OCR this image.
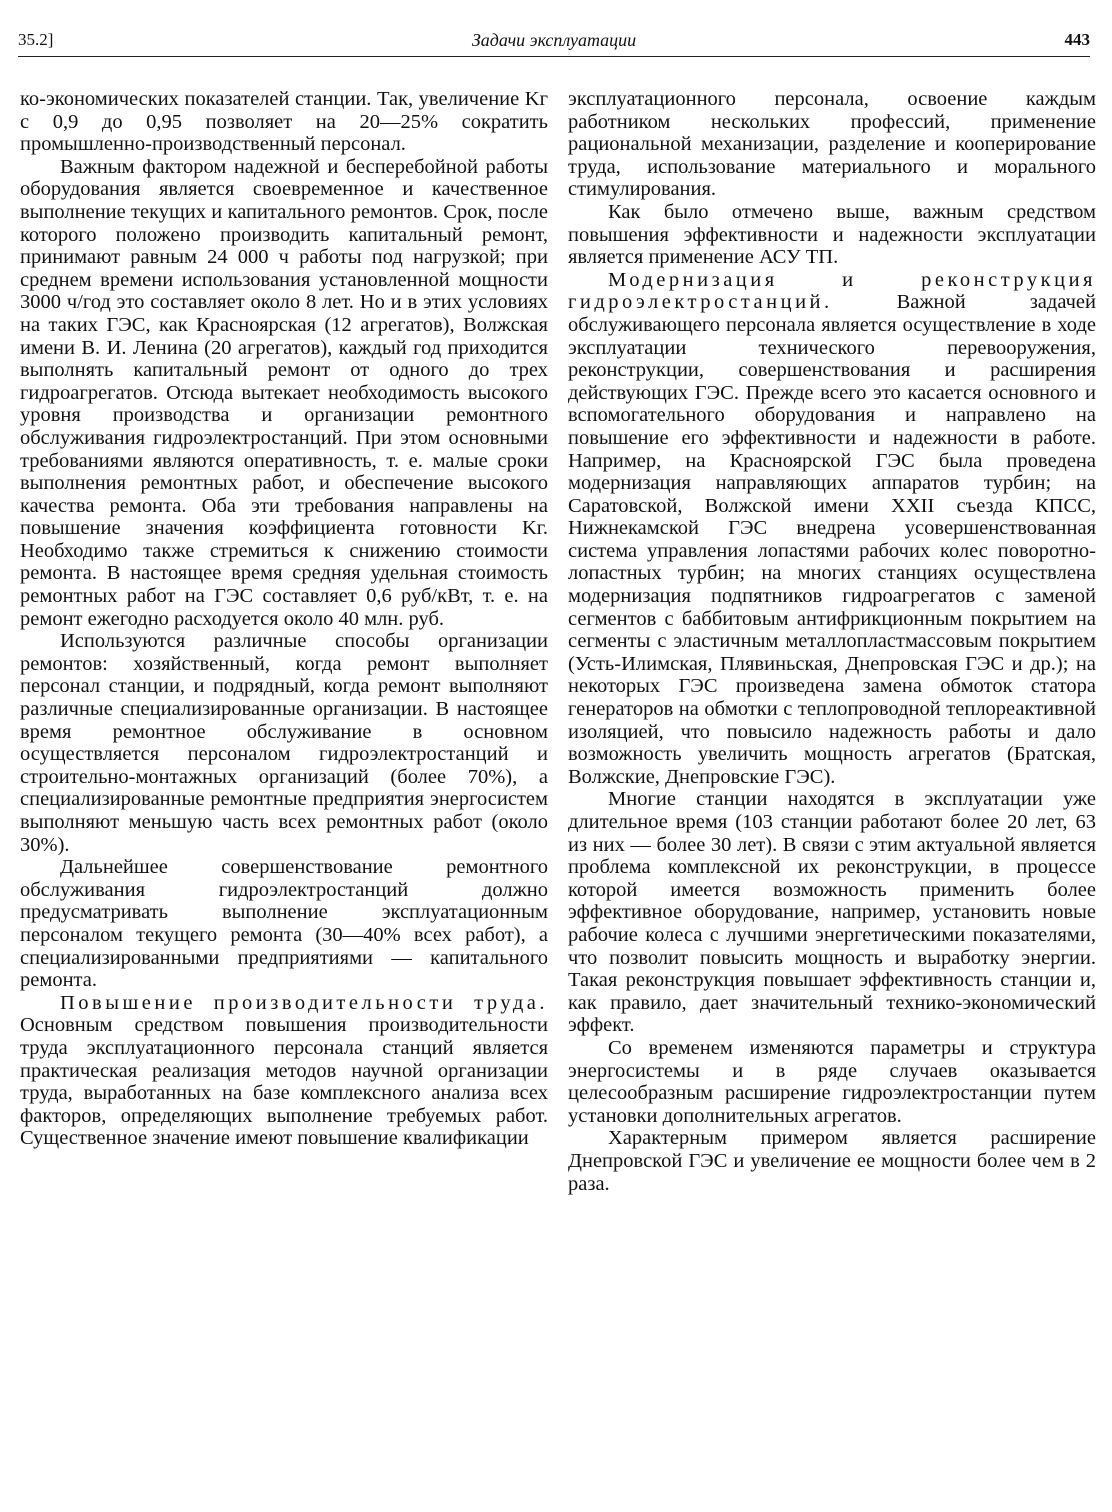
35.2]	Задачи эксплуатации	443

ко-экономических показателей станции. Так, увеличение Kг с 0,9 до 0,95 позволяет на 20—25% сократить промышленно-производственный персонал.

Важным фактором надежной и бесперебойной работы оборудования является своевременное и качественное выполнение текущих и капитального ремонтов. Срок, после которого положено производить капитальный ремонт, принимают равным 24 000 ч работы под нагрузкой; при среднем времени использования установленной мощности 3000 ч/год это составляет около 8 лет. Но и в этих условиях на таких ГЭС, как Красноярская (12 агрегатов), Волжская имени В. И. Ленина (20 агрегатов), каждый год приходится выполнять капитальный ремонт от одного до трех гидроагрегатов. Отсюда вытекает необходимость высокого уровня производства и организации ремонтного обслуживания гидроэлектростанций. При этом основными требованиями являются оперативность, т. е. малые сроки выполнения ремонтных работ, и обеспечение высокого качества ремонта. Оба эти требования направлены на повышение значения коэффициента готовности Kг. Необходимо также стремиться к снижению стоимости ремонта. В настоящее время средняя удельная стоимость ремонтных работ на ГЭС составляет 0,6 руб/кВт, т. е. на ремонт ежегодно расходуется около 40 млн. руб.

Используются различные способы организации ремонтов: хозяйственный, когда ремонт выполняет персонал станции, и подрядный, когда ремонт выполняют различные специализированные организации. В настоящее время ремонтное обслуживание в основном осуществляется персоналом гидроэлектростанций и строительно-монтажных организаций (более 70%), а специализированные ремонтные предприятия энергосистем выполняют меньшую часть всех ремонтных работ (около 30%).

Дальнейшее совершенствование ремонтного обслуживания гидроэлектростанций должно предусматривать выполнение эксплуатационным персоналом текущего ремонта (30—40% всех работ), а специализированными предприятиями — капитального ремонта.

Повышение производительности труда. Основным средством повышения производительности труда эксплуатационного персонала станций является практическая реализация методов научной организации труда, выработанных на базе комплексного анализа всех факторов, определяющих выполнение требуемых работ. Существенное значение имеют повышение квалификации

эксплуатационного персонала, освоение каждым работником нескольких профессий, применение рациональной механизации, разделение и кооперирование труда, использование материального и морального стимулирования.

Как было отмечено выше, важным средством повышения эффективности и надежности эксплуатации является применение АСУ ТП.

Модернизация и реконструкция гидроэлектростанций. Важной задачей обслуживающего персонала является осуществление в ходе эксплуатации технического перевооружения, реконструкции, совершенствования и расширения действующих ГЭС. Прежде всего это касается основного и вспомогательного оборудования и направлено на повышение его эффективности и надежности в работе. Например, на Красноярской ГЭС была проведена модернизация направляющих аппаратов турбин; на Саратовской, Волжской имени XXII съезда КПСС, Нижнекамской ГЭС внедрена усовершенствованная система управления лопастями рабочих колес поворотно-лопастных турбин; на многих станциях осуществлена модернизация подпятников гидроагрегатов с заменой сегментов с баббитовым антифрикционным покрытием на сегменты с эластичным металлопластмассовым покрытием (Усть-Илимская, Плявиньская, Днепровская ГЭС и др.); на некоторых ГЭС произведена замена обмоток статора генераторов на обмотки с теплопроводной теплореактивной изоляцией, что повысило надежность работы и дало возможность увеличить мощность агрегатов (Братская, Волжские, Днепровские ГЭС).

Многие станции находятся в эксплуатации уже длительное время (103 станции работают более 20 лет, 63 из них — более 30 лет). В связи с этим актуальной является проблема комплексной их реконструкции, в процессе которой имеется возможность применить более эффективное оборудование, например, установить новые рабочие колеса с лучшими энергетическими показателями, что позволит повысить мощность и выработку энергии. Такая реконструкция повышает эффективность станции и, как правило, дает значительный технико-экономический эффект.

Со временем изменяются параметры и структура энергосистемы и в ряде случаев оказывается целесообразным расширение гидроэлектростанции путем установки дополнительных агрегатов.

Характерным примером является расширение Днепровской ГЭС и увеличение ее мощности более чем в 2 раза.
